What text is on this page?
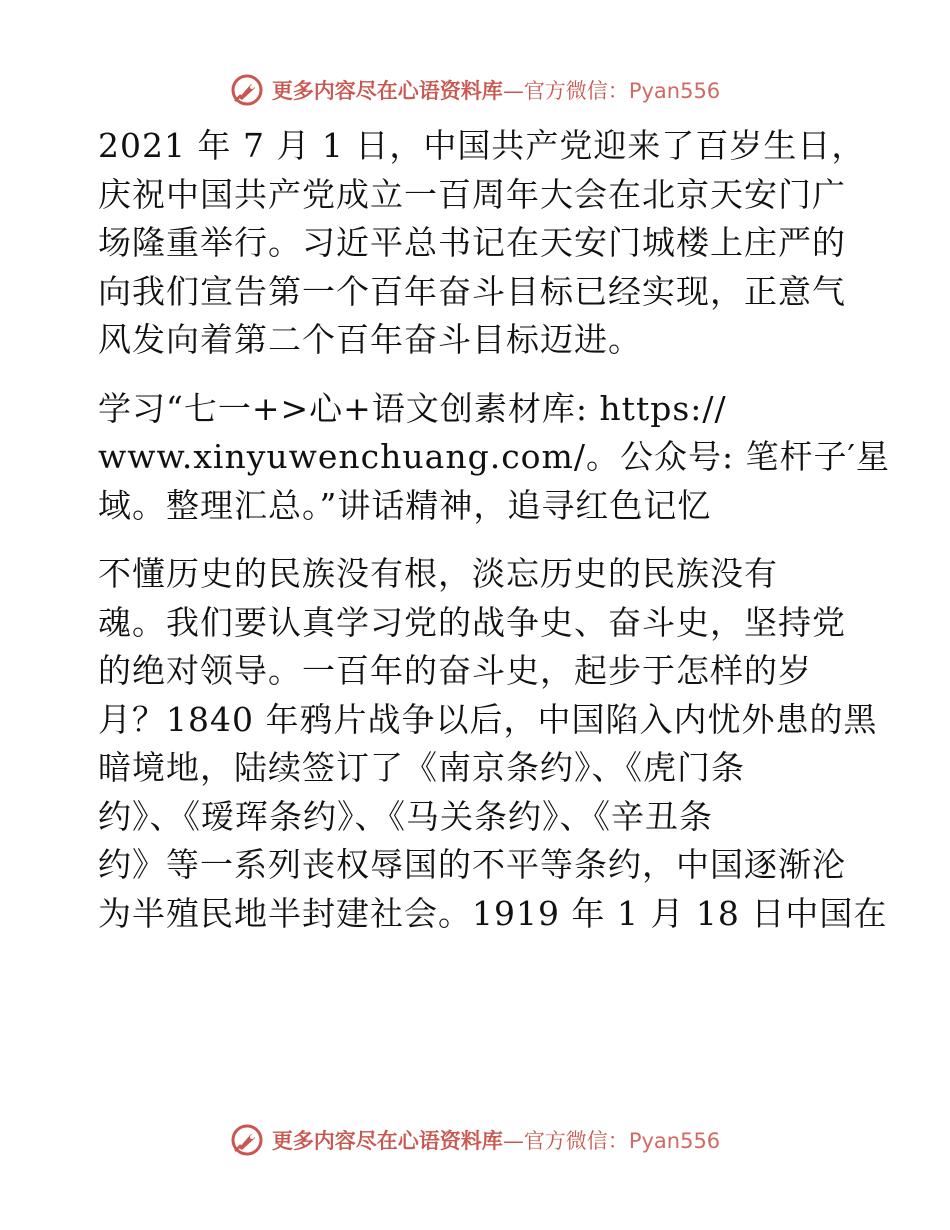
更多内容尽在心语资料库—官方微信：Pyan556
2021 年 7 月 1 日，中国共产党迎来了百岁生日，
庆祝中国共产党成立一百周年大会在北京天安门广
场隆重举行。习近平总书记在天安门城楼上庄严的
向我们宣告第一个百年奋斗目标已经实现，正意气
风发向着第二个百年奋斗目标迈进。
学习“七一+>心+语文创素材库: https://
www.xinyuwenchuang.com/。公众号: 笔杆子′星
域。整理汇总。”讲话精神，追寻红色记忆
不懂历史的民族没有根，淡忘历史的民族没有
魂。我们要认真学习党的战争史、奋斗史，坚持党
的绝对领导。一百年的奋斗史，起步于怎样的岁
月？1840 年鸦片战争以后，中国陷入内忧外患的黑
暗境地，陆续签订了《南京条约》、《虎门条
约》、《瑷珲条约》、《马关条约》、《辛丑条
约》等一系列丧权辱国的不平等条约，中国逐渐沦
为半殖民地半封建社会。1919 年 1 月 18 日中国在
更多内容尽在心语资料库—官方微信：Pyan556
